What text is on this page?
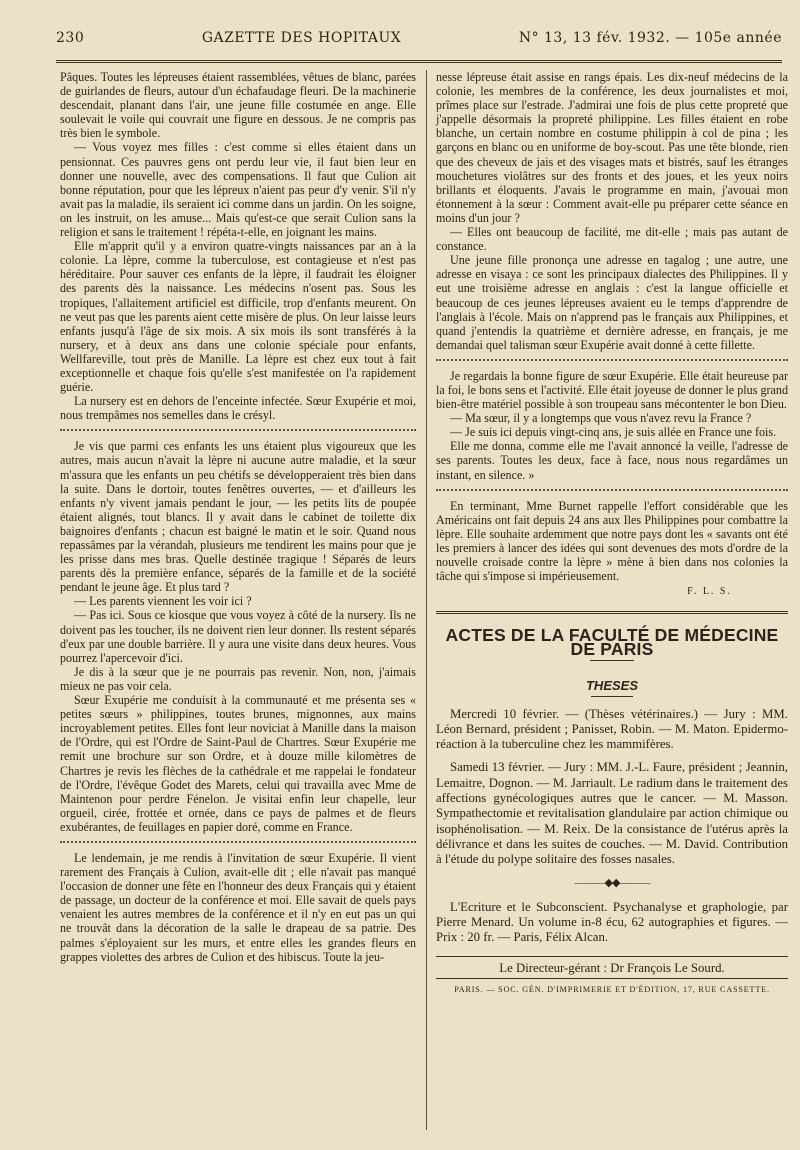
230	GAZETTE DES HOPITAUX	N° 13, 13 fév. 1932. — 105e année

Pâques. Toutes les lépreuses étaient rassemblées, vêtues de blanc, parées de guirlandes de fleurs, autour d'un échafaudage fleuri. De la machinerie descendait, planant dans l'air, une jeune fille costumée en ange. Elle soulevait le voile qui couvrait une figure en dessous. Je ne compris pas très bien le symbole.

— Vous voyez mes filles : c'est comme si elles étaient dans un pensionnat. Ces pauvres gens ont perdu leur vie, il faut bien leur en donner une nouvelle, avec des compensations. Il faut que Culion ait bonne réputation, pour que les lépreux n'aient pas peur d'y venir. S'il n'y avait pas la maladie, ils seraient ici comme dans un jardin. On les soigne, on les instruit, on les amuse... Mais qu'est-ce que serait Culion sans la religion et sans le traitement ! répéta-t-elle, en joignant les mains.

Elle m'apprit qu'il y a environ quatre-vingts naissances par an à la colonie. La lèpre, comme la tuberculose, est contagieuse et n'est pas héréditaire. Pour sauver ces enfants de la lèpre, il faudrait les éloigner des parents dès la naissance. Les médecins n'osent pas. Sous les tropiques, l'allaitement artificiel est difficile, trop d'enfants meurent. On ne veut pas que les parents aient cette misère de plus. On leur laisse leurs enfants jusqu'à l'âge de six mois. A six mois ils sont transférés à la nursery, et à deux ans dans une colonie spéciale pour enfants, Wellfareville, tout près de Manille. La lèpre est chez eux tout à fait exceptionnelle et chaque fois qu'elle s'est manifestée on l'a rapidement guérie.

La nursery est en dehors de l'enceinte infectée. Sœur Exupérie et moi, nous trempâmes nos semelles dans le crésyl.

Je vis que parmi ces enfants les uns étaient plus vigoureux que les autres, mais aucun n'avait la lèpre ni aucune autre maladie, et la sœur m'assura que les enfants un peu chétifs se développeraient très bien dans la suite. Dans le dortoir, toutes fenêtres ouvertes, — et d'ailleurs les enfants n'y vivent jamais pendant le jour, — les petits lits de poupée étaient alignés, tout blancs. Il y avait dans le cabinet de toilette dix baignoires d'enfants ; chacun est baigné le matin et le soir. Quand nous repassâmes par la vérandah, plusieurs me tendirent les mains pour que je les prisse dans mes bras. Quelle destinée tragique ! Séparés de leurs parents dès la première enfance, séparés de la famille et de la société pendant le jeune âge. Et plus tard ?

— Les parents viennent les voir ici ?

— Pas ici. Sous ce kiosque que vous voyez à côté de la nursery. Ils ne doivent pas les toucher, ils ne doivent rien leur donner. Ils restent séparés d'eux par une double barrière. Il y aura une visite dans deux heures. Vous pourrez l'apercevoir d'ici.

Je dis à la sœur que je ne pourrais pas revenir. Non, non, j'aimais mieux ne pas voir cela.

Sœur Exupérie me conduisit à la communauté et me présenta ses « petites sœurs » philippines, toutes brunes, mignonnes, aux mains incroyablement petites. Elles font leur noviciat à Manille dans la maison de l'Ordre, qui est l'Ordre de Saint-Paul de Chartres. Sœur Exupérie me remit une brochure sur son Ordre, et à douze mille kilomètres de Chartres je revis les flèches de la cathédrale et me rappelai le fondateur de l'Ordre, l'évêque Godet des Marets, celui qui travailla avec Mme de Maintenon pour perdre Fénelon. Je visitai enfin leur chapelle, leur orgueil, cirée, frottée et ornée, dans ce pays de palmes et de fleurs exubérantes, de feuillages en papier doré, comme en France.

Le lendemain, je me rendis à l'invitation de sœur Exupérie. Il vient rarement des Français à Culion, avait-elle dit ; elle n'avait pas manqué l'occasion de donner une fête en l'honneur des deux Français qui y étaient de passage, un docteur de la conférence et moi. Elle savait de quels pays venaient les autres membres de la conférence et il n'y en eut pas un qui ne trouvât dans la décoration de la salle le drapeau de sa patrie. Des palmes s'éployaient sur les murs, et entre elles les grandes fleurs en grappes violettes des arbres de Culion et des hibiscus. Toute la jeu-

nesse lépreuse était assise en rangs épais. Les dix-neuf médecins de la colonie, les membres de la conférence, les deux journalistes et moi, prîmes place sur l'estrade. J'admirai une fois de plus cette propreté que j'appelle désormais la propreté philippine. Les filles étaient en robe blanche, un certain nombre en costume philippin à col de pina ; les garçons en blanc ou en uniforme de boy-scout. Pas une tête blonde, rien que des cheveux de jais et des visages mats et bistrés, sauf les étranges mouchetures violâtres sur des fronts et des joues, et les yeux noirs brillants et éloquents. J'avais le programme en main, j'avouai mon étonnement à la sœur : Comment avait-elle pu préparer cette séance en moins d'un jour ?

— Elles ont beaucoup de facilité, me dit-elle ; mais pas autant de constance.

Une jeune fille prononça une adresse en tagalog ; une autre, une adresse en visaya : ce sont les principaux dialectes des Philippines. Il y eut une troisième adresse en anglais : c'est la langue officielle et beaucoup de ces jeunes lépreuses avaient eu le temps d'apprendre de l'anglais à l'école. Mais on n'apprend pas le français aux Philippines, et quand j'entendis la quatrième et dernière adresse, en français, je me demandai quel talisman sœur Exupérie avait donné à cette fillette.

Je regardais la bonne figure de sœur Exupérie. Elle était heureuse par la foi, le bons sens et l'activité. Elle était joyeuse de donner le plus grand bien-être matériel possible à son troupeau sans mécontenter le bon Dieu.

— Ma sœur, il y a longtemps que vous n'avez revu la France ?

— Je suis ici depuis vingt-cinq ans, je suis allée en France une fois.

Elle me donna, comme elle me l'avait annoncé la veille, l'adresse de ses parents. Toutes les deux, face à face, nous nous regardâmes un instant, en silence. »

En terminant, Mme Burnet rappelle l'effort considérable que les Américains ont fait depuis 24 ans aux Iles Philippines pour combattre la lèpre. Elle souhaite ardemment que notre pays dont les « savants ont été les premiers à lancer des idées qui sont devenues des mots d'ordre de la nouvelle croisade contre la lèpre » mène à bien dans nos colonies la tâche qui s'impose si impérieusement.

F. L. S.
ACTES DE LA FACULTÉ DE MÉDECINE DE PARIS
THESES

Mercredi 10 février. — (Thèses vétérinaires.) — Jury : MM. Léon Bernard, président ; Panisset, Robin. — M. Maton. Epidermo-réaction à la tuberculine chez les mammifères.

Samedi 13 février. — Jury : MM. J.-L. Faure, président ; Jeannin, Lemaitre, Dognon. — M. Jarriault. Le radium dans le traitement des affections gynécologiques autres que le cancer. — M. Masson. Sympathectomie et revitalisation glandulaire par action chimique ou isophénolisation. — M. Reix. De la consistance de l'utérus après la délivrance et dans les suites de couches. — M. David. Contribution à l'étude du polype solitaire des fosses nasales.

———◆◆———

L'Ecriture et le Subconscient. Psychanalyse et graphologie, par Pierre Menard. Un volume in-8 écu, 62 autographies et figures. — Prix : 20 fr. — Paris, Félix Alcan.

Le Directeur-gérant : Dr François Le Sourd.
PARIS. — SOC. GÉN. D'IMPRIMERIE ET D'ÉDITION, 17, RUE CASSETTE.
